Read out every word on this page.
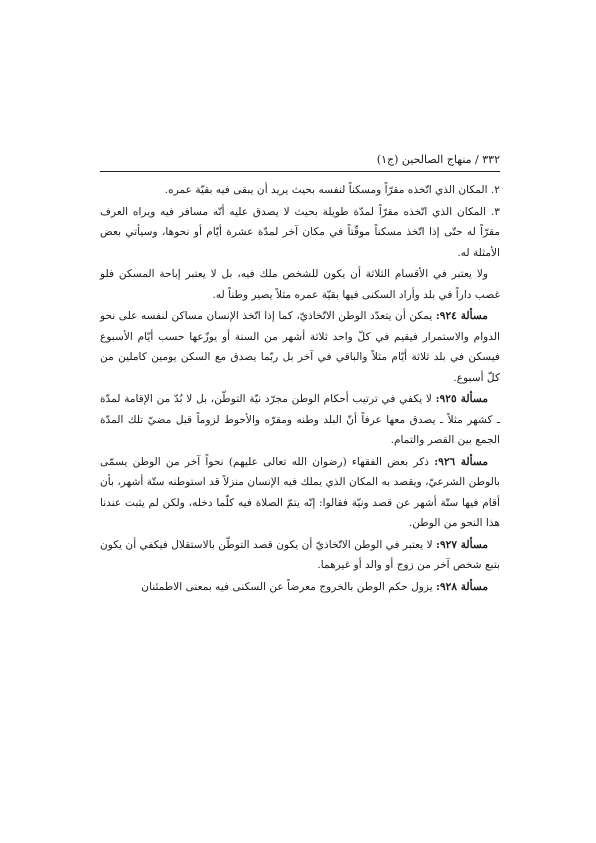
٣٣٢ / منهاج الصالحين (ج١)

٢. المكان الذي اتّخذه مقرّاً ومسكناً لنفسه بحيث يريد أن يبقى فيه بقيّة عمره.

٣. المكان الذي اتّخذه مقرّاً لمدّة طويلة بحيث لا يصدق عليه أنّه مسافر فيه ويراه العرف مقرّاً له حتّى إذا اتّخذ مسكناً موقّتاً في مكان آخر لمدّة عشرة أيّام أو نحوها، وسيأتي بعض الأمثلة له.

ولا يعتبر في الأقسام الثلاثة أن يكون للشخص ملك فيه، بل لا يعتبر إباحة المسكن فلو غصب داراً في بلد وأراد السكنى فيها بقيّة عمره مثلاً يصير وطناً له.

مسألة ٩٢٤: يمكن أن يتعدّد الوطن الاتّخاذيّ، كما إذا اتّخذ الإنسان مساكن لنفسه على نحو الدوام والاستمرار فيقيم في كلّ واحد ثلاثة أشهر من السنة أو يوزّعها حسب أيّام الأسبوع فيسكن في بلد ثلاثة أيّام مثلاً والباقي في آخر بل ربّما يصدق مع السكن يومين كاملين من كلّ أسبوع.

مسألة ٩٢٥: لا يكفي في ترتيب أحكام الوطن مجرّد نيّة التوطّن، بل لا بُدّ من الإقامة لمدّة ـ كشهر مثلاً ـ يصدق معها عرفاً أنّ البلد وطنه ومقرّه والأحوط لزوماً قبل مضيّ تلك المدّة الجمع بين القصر والتمام.

مسألة ٩٢٦: ذكر بعض الفقهاء (رضوان الله تعالى عليهم) نحواً آخر من الوطن يسمّى بالوطن الشرعيّ، ويقصد به المكان الذي يملك فيه الإنسان منزلاً قد استوطنه ستّة أشهر، بأن أقام فيها ستّة أشهر عن قصد ونيّة فقالوا: إنّه يتمّ الصلاة فيه كلّما دخله، ولكن لم يثبت عندنا هذا النحو من الوطن.

مسألة ٩٢٧: لا يعتبر في الوطن الاتّخاذيّ أن يكون قصد التوطّن بالاستقلال فيكفي أن يكون بتبع شخص آخر من زوج أو والد أو غيرهما.

مسألة ٩٢٨: يزول حكم الوطن بالخروج معرضاً عن السكنى فيه بمعنى الاطمئنان
